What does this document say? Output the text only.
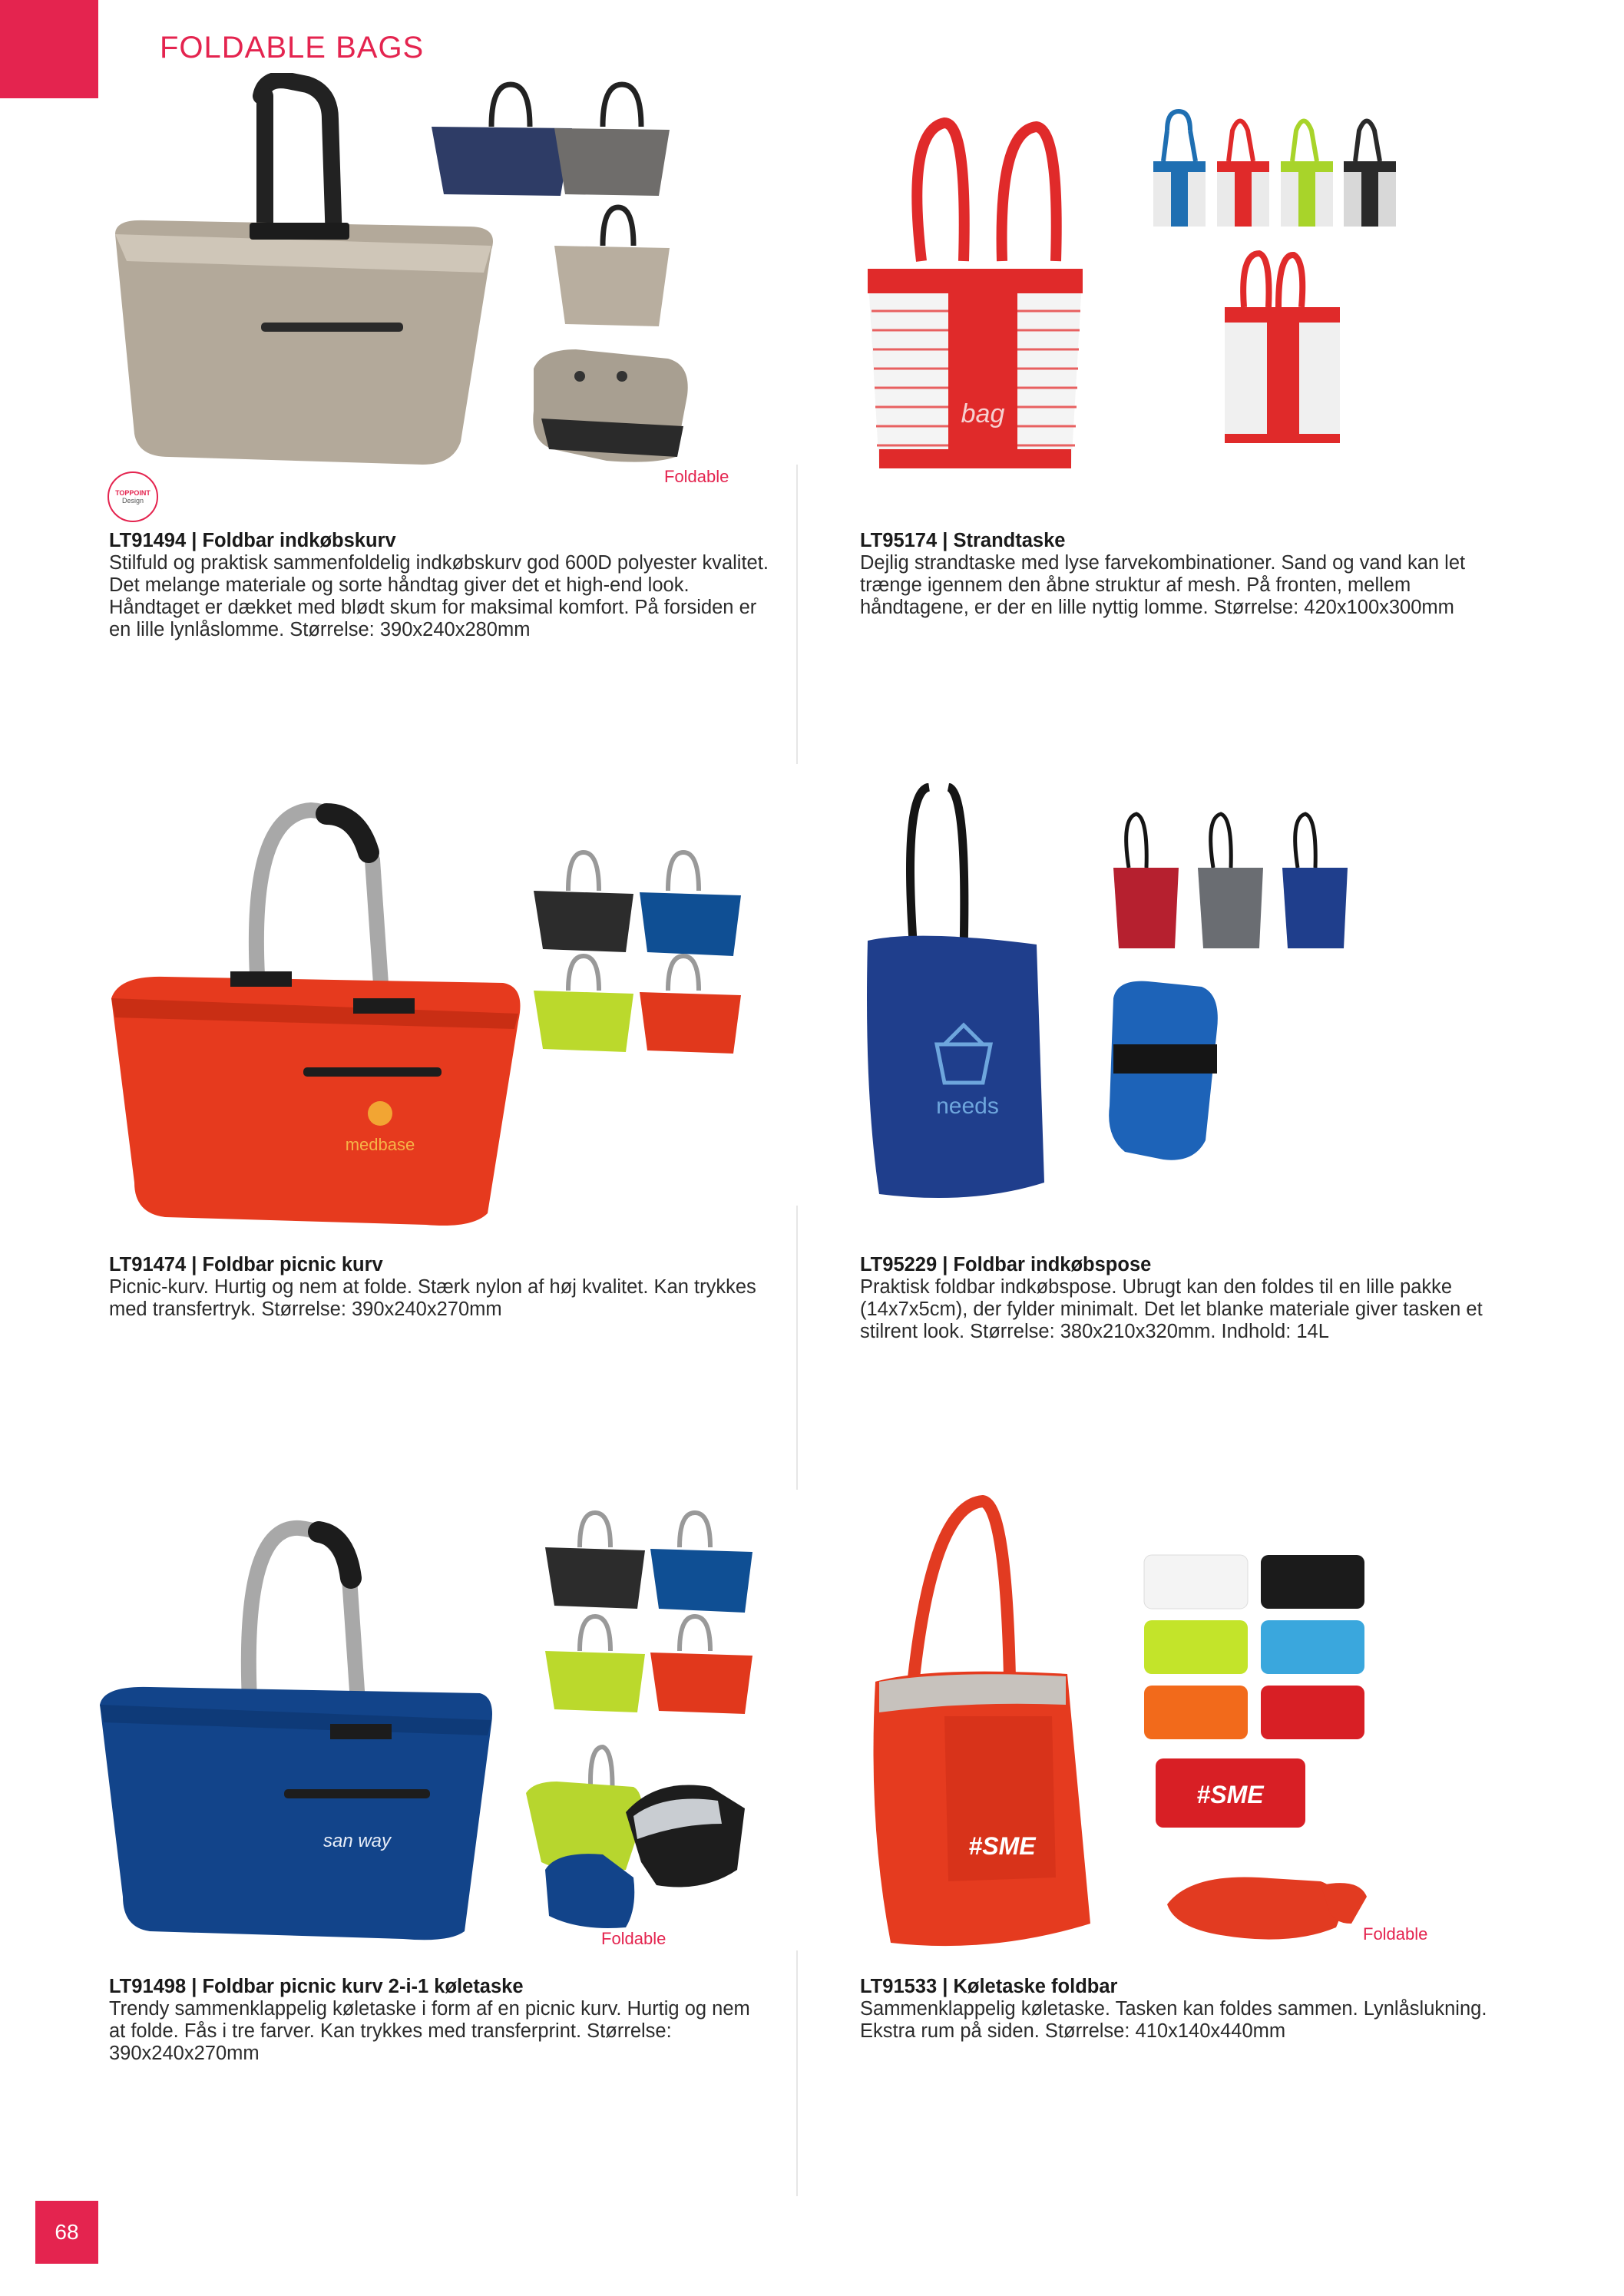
FOLDABLE BAGS
TOPPOINT
Design
Foldable

LT91494 | Foldbar indkøbskurv

Stilfuld og praktisk sammenfoldelig indkøbskurv god 600D polyester kvalitet. Det melange materiale og sorte håndtag giver det et high-end look. Håndtaget er dækket med blødt skum for maksimal komfort. På forsiden er en lille lynlåslomme. Størrelse: 390x240x280mm

bag

LT95174 | Strandtaske

Dejlig strandtaske med lyse farvekombinationer. Sand og vand kan let trænge igennem den åbne struktur af mesh. På fronten, mellem håndtagene, er der en lille nyttig lomme. Størrelse: 420x100x300mm

medbase

LT91474 | Foldbar picnic kurv

Picnic-kurv. Hurtig og nem at folde. Stærk nylon af høj kvalitet. Kan trykkes med transfertryk. Størrelse: 390x240x270mm

needs

LT95229 | Foldbar indkøbspose

Praktisk foldbar indkøbspose. Ubrugt kan den foldes til en lille pakke (14x7x5cm), der fylder minimalt. Det let blanke materiale giver tasken et stilrent look. Størrelse: 380x210x320mm. Indhold: 14L

san way
Foldable

LT91498 | Foldbar picnic kurv 2-i-1 køletaske

Trendy sammenklappelig køletaske i form af en picnic kurv. Hurtig og nem at folde. Fås i tre farver. Kan trykkes med transferprint. Størrelse: 390x240x270mm

#SME
#SME
Foldable

LT91533 | Køletaske foldbar

Sammenklappelig køletaske. Tasken kan foldes sammen. Lynlåslukning. Ekstra rum på siden. Størrelse: 410x140x440mm

68
